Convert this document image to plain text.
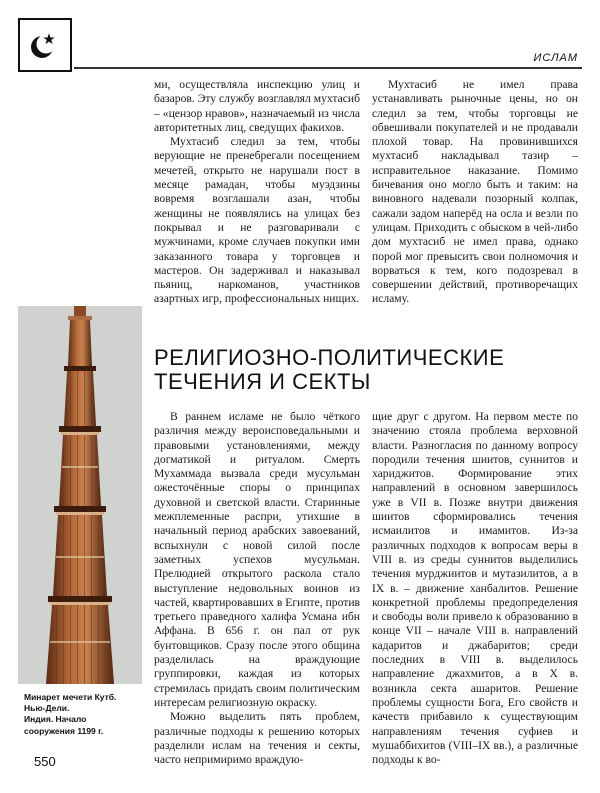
ИСЛАМ

ми, осуществляла инспекцию улиц и базаров. Эту службу возглавлял мухтасиб – «цензор нравов», назначаемый из числа авторитетных лиц, сведущих факихов.

Мухтасиб следил за тем, чтобы верующие не пренебрегали посещением мечетей, открыто не нарушали пост в месяце рамадан, чтобы муэдзины вовремя возглашали азан, чтобы женщины не появлялись на улицах без покрывал и не разговаривали с мужчинами, кроме случаев покупки ими заказанного товара у торговцев и мастеров. Он задерживал и наказывал пьяниц, наркоманов, участников азартных игр, профессиональных нищих.

Мухтасиб не имел права устанавливать рыночные цены, но он следил за тем, чтобы торговцы не обвешивали покупателей и не продавали плохой товар. На провинившихся мухтасиб накладывал тазир – исправительное наказание. Помимо бичевания оно могло быть и таким: на виновного надевали позорный колпак, сажали задом наперёд на осла и везли по улицам. Приходить с обыском в чей-либо дом мухтасиб не имел права, однако порой мог превысить свои полномочия и ворваться к тем, кого подозревал в совершении действий, противоречащих исламу.

РЕЛИГИОЗНО-ПОЛИТИЧЕСКИЕ
ТЕЧЕНИЯ И СЕКТЫ

В раннем исламе не было чёткого различия между вероисповедальными и правовыми установлениями, между догматикой и ритуалом. Смерть Мухаммада вызвала среди мусульман ожесточённые споры о принципах духовной и светской власти. Старинные межплеменные распри, утихшие в начальный период арабских завоеваний, вспыхнули с новой силой после заметных успехов мусульман. Прелюдией открытого раскола стало выступление недовольных воинов из частей, квартировавших в Египте, против третьего праведного халифа Усмана ибн Аффана. В 656 г. он пал от рук бунтовщиков. Сразу после этого община разделилась на враждующие группировки, каждая из которых стремилась придать своим политическим интересам религиозную окраску.

Можно выделить пять проблем, различные подходы к решению которых разделили ислам на течения и секты, часто непримиримо враждую-

щие друг с другом. На первом месте по значению стояла проблема верховной власти. Разногласия по данному вопросу породили течения шиитов, суннитов и хариджитов. Формирование этих направлений в основном завершилось уже в VII в. Позже внутри движения шиитов сформировались течения исмаилитов и имамитов. Из-за различных подходов к вопросам веры в VIII в. из среды суннитов выделились течения мурджиитов и мутазилитов, а в IX в. – движение ханбалитов. Решение конкретной проблемы предопределения и свободы воли привело к образованию в конце VII – начале VIII в. направлений кадаритов и джабаритов; среди последних в VIII в. выделилось направление джахмитов, а в X в. возникла секта ашаритов. Решение проблемы сущности Бога, Его свойств и качеств прибавило к существующим направлениям течения суфиев и мушаббихитов (VIII–IX вв.), а различные подходы к во-

Минарет мечети Кутб.
Нью-Дели.
Индия. Начало
сооружения 1199 г.
550
